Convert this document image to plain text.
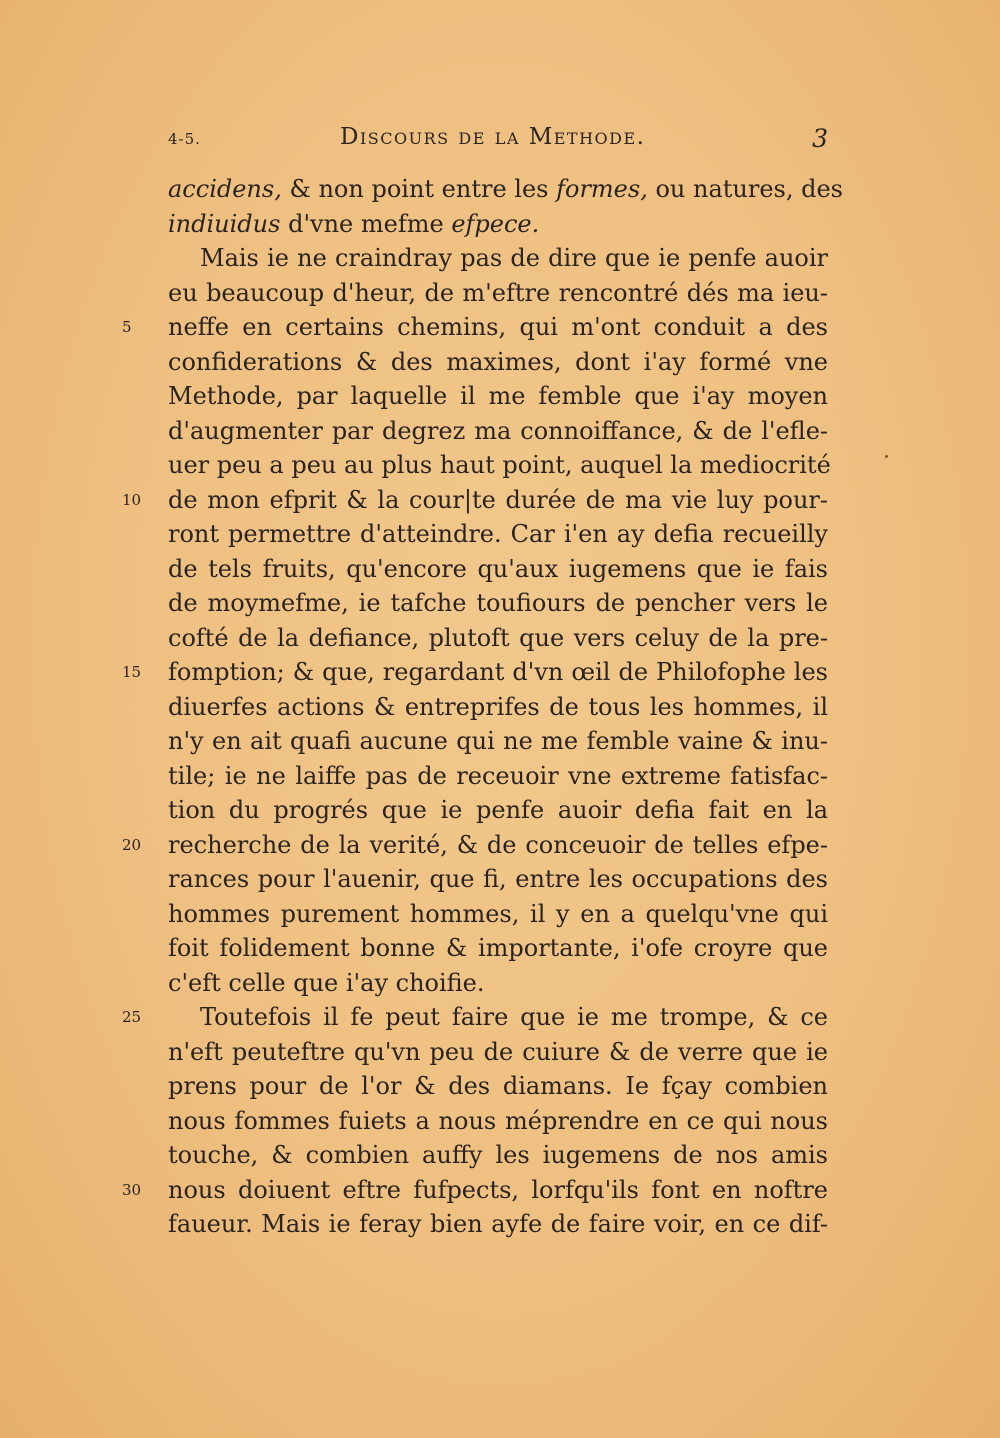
4-5.	Discours de la Methode.	3
accidens, & non point entre les formes, ou natures, des
indiuidus d'vne mefme efpece.
Mais ie ne craindray pas de dire que ie penfe auoir
eu beaucoup d'heur, de m'eftre rencontré dés ma ieu-
5	neffe en certains chemins, qui m'ont conduit a des
confiderations & des maximes, dont i'ay formé vne
Methode, par laquelle il me femble que i'ay moyen
d'augmenter par degrez ma connoiffance, & de l'efle-
uer peu a peu au plus haut point, auquel la mediocrité
10	de mon efprit & la cour|te durée de ma vie luy pour-
ront permettre d'atteindre. Car i'en ay defia recueilly
de tels fruits, qu'encore qu'aux iugemens que ie fais
de moymefme, ie tafche toufiours de pencher vers le
cofté de la defiance, plutoft que vers celuy de la pre-
15	fomption; & que, regardant d'vn œil de Philofophe les
diuerfes actions & entreprifes de tous les hommes, il
n'y en ait quafi aucune qui ne me femble vaine & inu-
tile; ie ne laiffe pas de receuoir vne extreme fatisfac-
tion du progrés que ie penfe auoir defia fait en la
20	recherche de la verité, & de conceuoir de telles efpe-
rances pour l'auenir, que fi, entre les occupations des
hommes purement hommes, il y en a quelqu'vne qui
foit folidement bonne & importante, i'ofe croyre que
c'eft celle que i'ay choifie.
25	Toutefois il fe peut faire que ie me trompe, & ce
n'eft peuteftre qu'vn peu de cuiure & de verre que ie
prens pour de l'or & des diamans. Ie fçay combien
nous fommes fuiets a nous méprendre en ce qui nous
touche, & combien auffy les iugemens de nos amis
30	nous doiuent eftre fufpects, lorfqu'ils font en noftre
faueur. Mais ie feray bien ayfe de faire voir, en ce dif-
